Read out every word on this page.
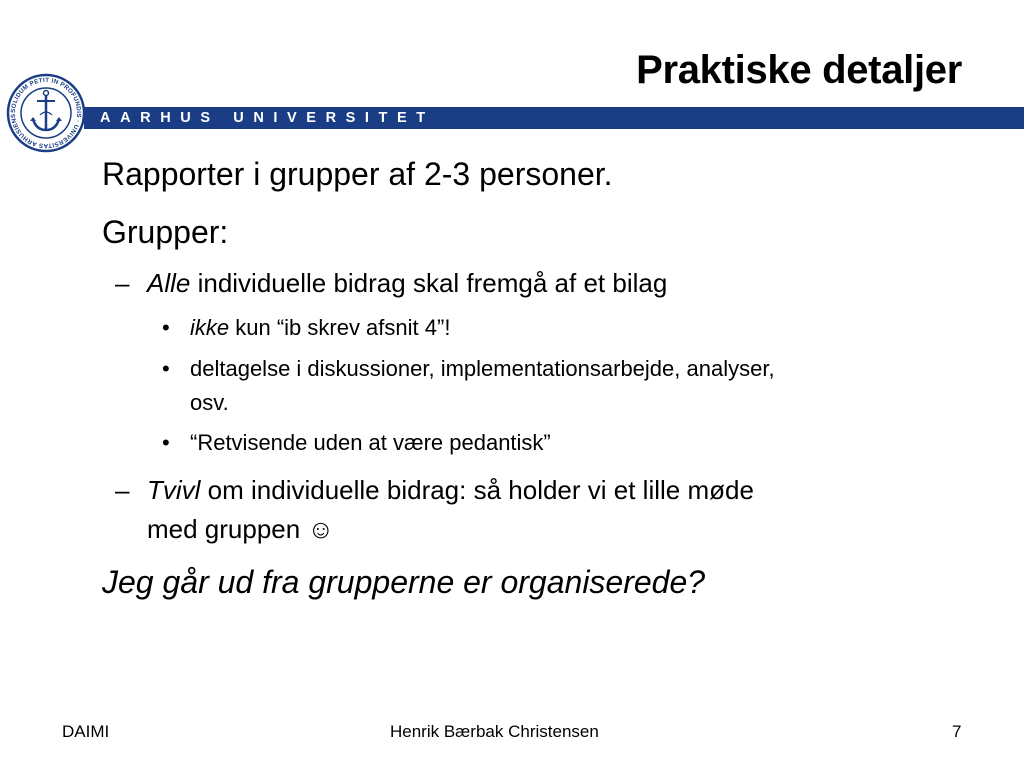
Praktiske detaljer
AARHUS UNIVERSITET
SOLIDUM PETIT IN PROFUNDIS · UNIVERSITAS ARHUSIENS
Rapporter i grupper af 2-3 personer.
Grupper:
– Alle individuelle bidrag skal fremgå af et bilag
• ikke kun “ib skrev afsnit 4”!
• deltagelse i diskussioner, implementationsarbejde, analyser,
osv.
• “Retvisende uden at være pedantisk”
– Tvivl om individuelle bidrag: så holder vi et lille møde
med gruppen ☺
Jeg går ud fra grupperne er organiserede?
DAIMI	Henrik Bærbak Christensen	7
